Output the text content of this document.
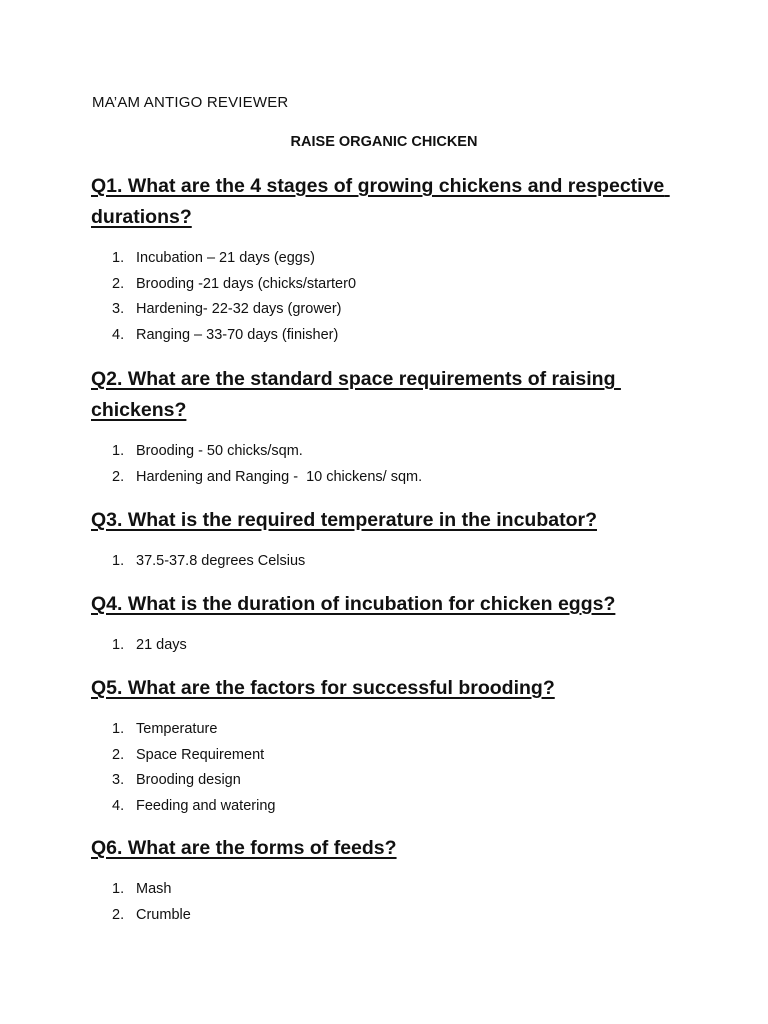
MA’AM ANTIGO REVIEWER
RAISE ORGANIC CHICKEN
Q1. What are the 4 stages of growing chickens and respective durations?
1. Incubation – 21 days (eggs)
2. Brooding -21 days (chicks/starter0
3. Hardening- 22-32 days (grower)
4. Ranging – 33-70 days (finisher)
Q2. What are the standard space requirements of raising chickens?
1. Brooding - 50 chicks/sqm.
2. Hardening and Ranging -  10 chickens/ sqm.
Q3. What is the required temperature in the incubator?
1. 37.5-37.8 degrees Celsius
Q4. What is the duration of incubation for chicken eggs?
1. 21 days
Q5. What are the factors for successful brooding?
1. Temperature
2. Space Requirement
3. Brooding design
4. Feeding and watering
Q6. What are the forms of feeds?
1. Mash
2. Crumble
